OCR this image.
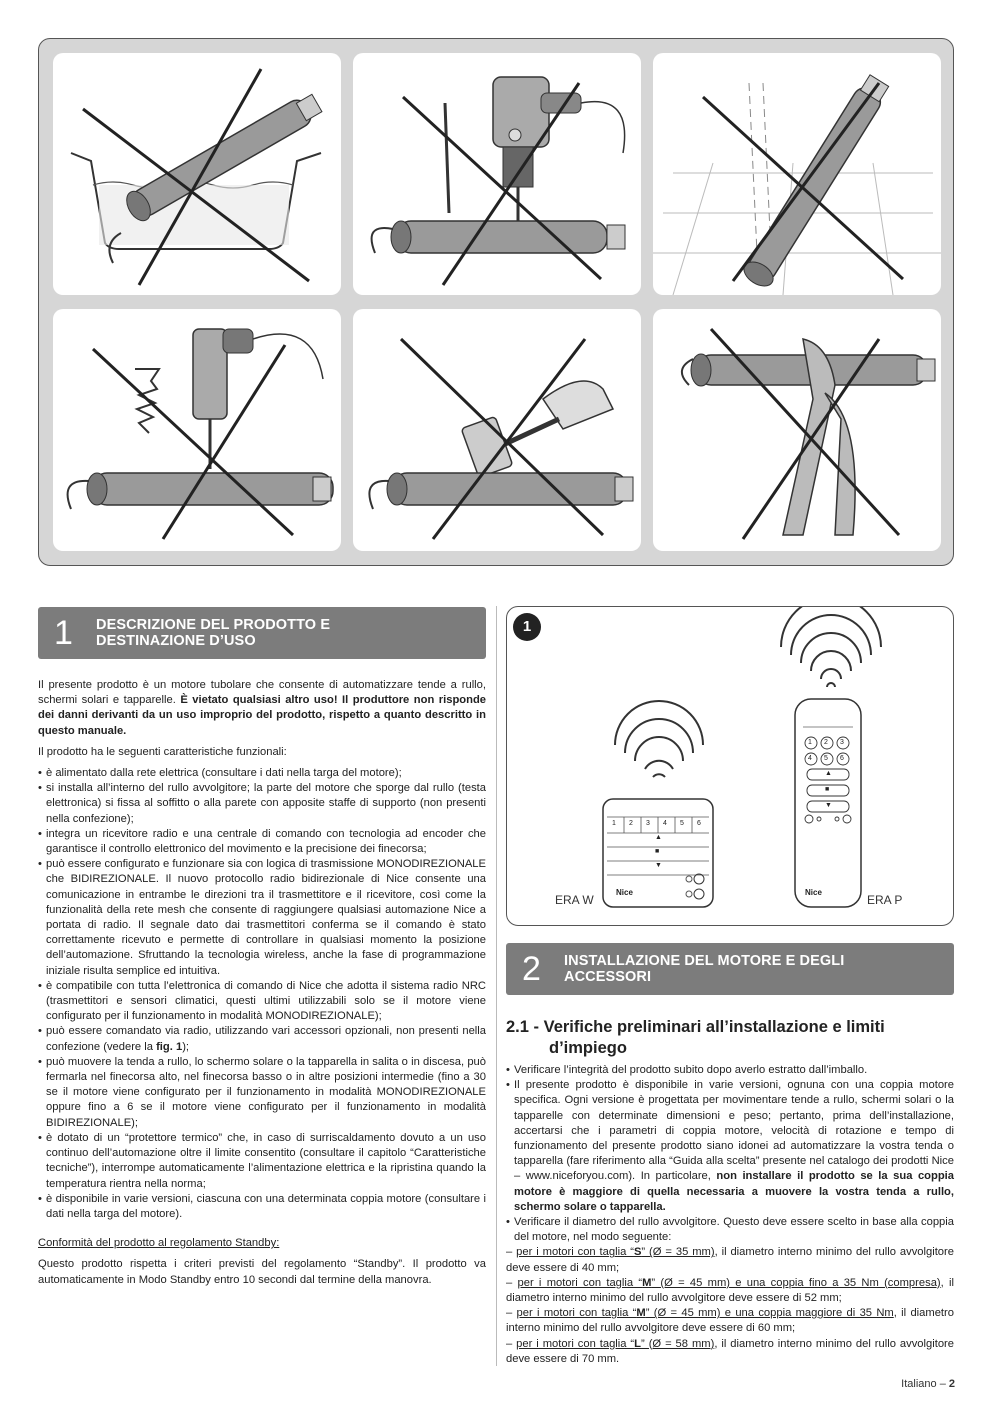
1 DESCRIZIONE DEL PRODOTTO E
DESTINAZIONE D’USO

Il presente prodotto è un motore tubolare che consente di automatizzare tende a rullo, schermi solari e tapparelle. È vietato qualsiasi altro uso! Il produttore non risponde dei danni derivanti da un uso improprio del prodotto, rispetto a quanto descritto in questo manuale.

Il prodotto ha le seguenti caratteristiche funzionali:

• è alimentato dalla rete elettrica (consultare i dati nella targa del motore);
• si installa all’interno del rullo avvolgitore; la parte del motore che sporge dal rullo (testa elettronica) si fissa al soffitto o alla parete con apposite staffe di supporto (non presenti nella confezione);
• integra un ricevitore radio e una centrale di comando con tecnologia ad encoder che garantisce il controllo elettronico del movimento e la precisione dei finecorsa;
• può essere configurato e funzionare sia con logica di trasmissione MONODIREZIONALE che BIDIREZIONALE. Il nuovo protocollo radio bidirezionale di Nice consente una comunicazione in entrambe le direzioni tra il trasmettitore e il ricevitore, così come la funzionalità della rete mesh che consente di raggiungere qualsiasi automazione Nice a portata di radio. Il segnale dato dai trasmettitori conferma se il comando è stato correttamente ricevuto e permette di controllare in qualsiasi momento la posizione dell’automazione. Sfruttando la tecnologia wireless, anche la fase di programmazione iniziale risulta semplice ed intuitiva.
• è compatibile con tutta l’elettronica di comando di Nice che adotta il sistema radio NRC (trasmettitori e sensori climatici, questi ultimi utilizzabili solo se il motore viene configurato per il funzionamento in modalità MONODIREZIONALE);
• può essere comandato via radio, utilizzando vari accessori opzionali, non presenti nella confezione (vedere la fig. 1);
• può muovere la tenda a rullo, lo schermo solare o la tapparella in salita o in discesa, può fermarla nel finecorsa alto, nel finecorsa basso o in altre posizioni intermedie (fino a 30 se il motore viene configurato per il funzionamento in modalità MONODIREZIONALE oppure fino a 6 se il motore viene configurato per il funzionamento in modalità BIDIREZIONALE);
• è dotato di un “protettore termico” che, in caso di surriscaldamento dovuto a un uso continuo dell’automazione oltre il limite consentito (consultare il capitolo “Caratteristiche tecniche”), interrompe automaticamente l’alimentazione elettrica e la ripristina quando la temperatura rientra nella norma;
• è disponibile in varie versioni, ciascuna con una determinata coppia motore (consultare i dati nella targa del motore).

Conformità del prodotto al regolamento Standby:

Questo prodotto rispetta i criteri previsti del regolamento “Standby”. Il prodotto va automaticamente in Modo Standby entro 10 secondi dal termine della manovra.

1
1 2 3 4 5 6
▲
■
▼
Nice
1 2 3
4 5 6
▲
■
▼
Nice
ERA W	ERA P
2 INSTALLAZIONE DEL MOTORE E DEGLI
ACCESSORI
2.1 - Verifiche preliminari all’installazione e limiti
d’impiego
• Verificare l’integrità del prodotto subito dopo averlo estratto dall’imballo.
• Il presente prodotto è disponibile in varie versioni, ognuna con una coppia motore specifica. Ogni versione è progettata per movimentare tende a rullo, schermi solari o la tapparelle con determinate dimensioni e peso; pertanto, prima dell’installazione, accertarsi che i parametri di coppia motore, velocità di rotazione e tempo di funzionamento del presente prodotto siano idonei ad automatizzare la vostra tenda o tapparella (fare riferimento alla “Guida alla scelta” presente nel catalogo dei prodotti Nice – www.niceforyou.com). In particolare, non installare il prodotto se la sua coppia motore è maggiore di quella necessaria a muovere la vostra tenda a rullo, schermo solare o tapparella.
• Verificare il diametro del rullo avvolgitore. Questo deve essere scelto in base alla coppia del motore, nel modo seguente:
– per i motori con taglia “S” (Ø = 35 mm), il diametro interno minimo del rullo avvolgitore deve essere di 40 mm;
– per i motori con taglia “M” (Ø = 45 mm) e una coppia fino a 35 Nm (compresa), il diametro interno minimo del rullo avvolgitore deve essere di 52 mm;
– per i motori con taglia “M” (Ø = 45 mm) e una coppia maggiore di 35 Nm, il diametro interno minimo del rullo avvolgitore deve essere di 60 mm;
– per i motori con taglia “L” (Ø = 58 mm), il diametro interno minimo del rullo avvolgitore deve essere di 70 mm.
Italiano – 2
